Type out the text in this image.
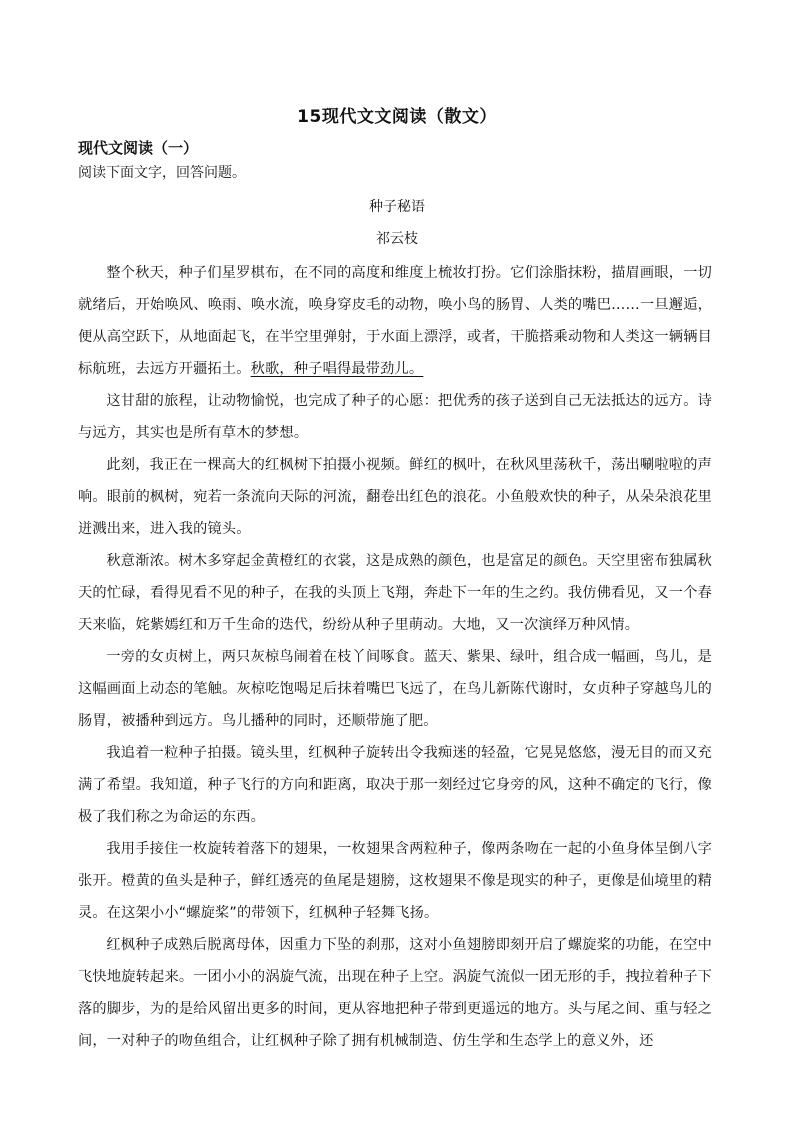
15现代文文阅读（散文）
现代文阅读（一）
阅读下面文字，回答问题。
种子秘语
祁云枝

整个秋天，种子们星罗棋布，在不同的高度和维度上梳妆打扮。它们涂脂抹粉，描眉画眼，一切就绪后，开始唤风、唤雨、唤水流，唤身穿皮毛的动物，唤小鸟的肠胃、人类的嘴巴……一旦邂逅，便从高空跃下，从地面起飞，在半空里弹射，于水面上漂浮，或者，干脆搭乘动物和人类这一辆辆目标航班，去远方开疆拓土。秋歌，种子唱得最带劲儿。

这甘甜的旅程，让动物愉悦，也完成了种子的心愿：把优秀的孩子送到自己无法抵达的远方。诗与远方，其实也是所有草木的梦想。

此刻，我正在一棵高大的红枫树下拍摄小视频。鲜红的枫叶，在秋风里荡秋千，荡出唰啦啦的声响。眼前的枫树，宛若一条流向天际的河流，翻卷出红色的浪花。小鱼般欢快的种子，从朵朵浪花里迸溅出来，进入我的镜头。

秋意渐浓。树木多穿起金黄橙红的衣裳，这是成熟的颜色，也是富足的颜色。天空里密布独属秋天的忙碌，看得见看不见的种子，在我的头顶上飞翔，奔赴下一年的生之约。我仿佛看见，又一个春天来临，姹紫嫣红和万千生命的迭代，纷纷从种子里萌动。大地，又一次演绎万种风情。

一旁的女贞树上，两只灰椋鸟闹着在枝丫间啄食。蓝天、紫果、绿叶，组合成一幅画，鸟儿，是这幅画面上动态的笔触。灰椋吃饱喝足后抹着嘴巴飞远了，在鸟儿新陈代谢时，女贞种子穿越鸟儿的肠胃，被播种到远方。鸟儿播种的同时，还顺带施了肥。

我追着一粒种子拍摄。镜头里，红枫种子旋转出令我痴迷的轻盈，它晃晃悠悠，漫无目的而又充满了希望。我知道，种子飞行的方向和距离，取决于那一刻经过它身旁的风，这种不确定的飞行，像极了我们称之为命运的东西。

我用手接住一枚旋转着落下的翅果，一枚翅果含两粒种子，像两条吻在一起的小鱼身体呈倒八字张开。橙黄的鱼头是种子，鲜红透亮的鱼尾是翅膀，这枚翅果不像是现实的种子，更像是仙境里的精灵。在这架小小“螺旋桨”的带领下，红枫种子轻舞飞扬。

红枫种子成熟后脱离母体，因重力下坠的刹那，这对小鱼翅膀即刻开启了螺旋桨的功能，在空中飞快地旋转起来。一团小小的涡旋气流，出现在种子上空。涡旋气流似一团无形的手，拽拉着种子下落的脚步，为的是给风留出更多的时间，更从容地把种子带到更遥远的地方。头与尾之间、重与轻之间，一对种子的吻鱼组合，让红枫种子除了拥有机械制造、仿生学和生态学上的意义外，还
